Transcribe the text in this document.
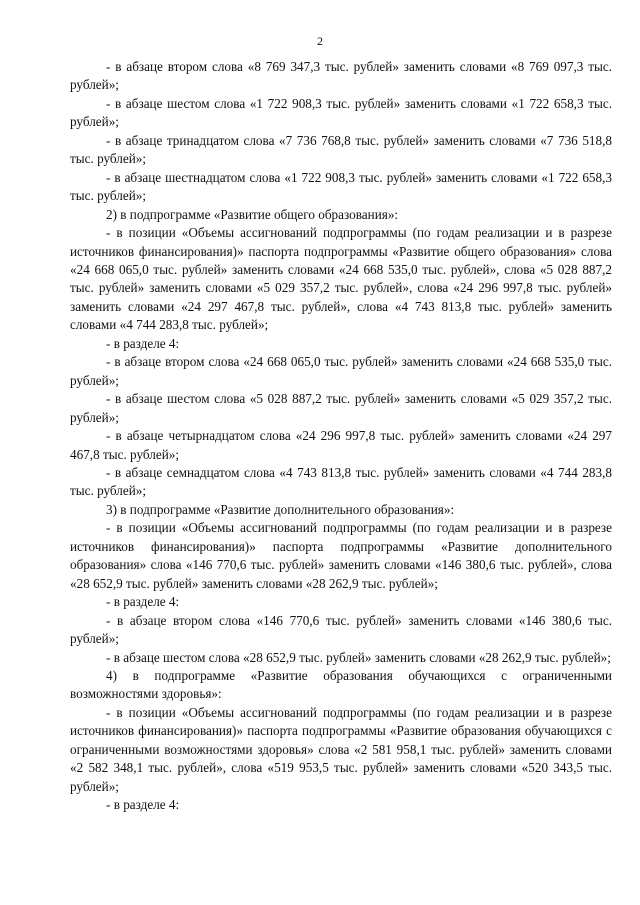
2

- в абзаце втором слова «8 769 347,3 тыс. рублей» заменить словами «8 769 097,3 тыс. рублей»;

- в абзаце шестом слова «1 722 908,3 тыс. рублей» заменить словами «1 722 658,3 тыс. рублей»;

- в абзаце тринадцатом слова «7 736 768,8 тыс. рублей» заменить словами «7 736 518,8 тыс. рублей»;

- в абзаце шестнадцатом слова «1 722 908,3 тыс. рублей» заменить словами «1 722 658,3 тыс. рублей»;

2) в подпрограмме «Развитие общего образования»:

- в позиции «Объемы ассигнований подпрограммы (по годам реализации и в разрезе источников финансирования)» паспорта подпрограммы «Развитие общего образования» слова «24 668 065,0 тыс. рублей» заменить словами «24 668 535,0 тыс. рублей», слова «5 028 887,2 тыс. рублей» заменить словами «5 029 357,2 тыс. рублей», слова «24 296 997,8 тыс. рублей» заменить словами «24 297 467,8 тыс. рублей», слова «4 743 813,8 тыс. рублей» заменить словами «4 744 283,8 тыс. рублей»;

- в разделе 4:

- в абзаце втором слова «24 668 065,0 тыс. рублей» заменить словами «24 668 535,0 тыс. рублей»;

- в абзаце шестом слова «5 028 887,2 тыс. рублей» заменить словами «5 029 357,2 тыс. рублей»;

- в абзаце четырнадцатом слова «24 296 997,8 тыс. рублей» заменить словами «24 297 467,8 тыс. рублей»;

- в абзаце семнадцатом слова «4 743 813,8 тыс. рублей» заменить словами «4 744 283,8 тыс. рублей»;

3) в подпрограмме «Развитие дополнительного образования»:

- в позиции «Объемы ассигнований подпрограммы (по годам реализации и в разрезе источников финансирования)» паспорта подпрограммы «Развитие дополнительного образования» слова «146 770,6 тыс. рублей» заменить словами «146 380,6 тыс. рублей», слова «28 652,9 тыс. рублей» заменить словами «28 262,9 тыс. рублей»;

- в разделе 4:

- в абзаце втором слова «146 770,6 тыс. рублей» заменить словами «146 380,6 тыс. рублей»;

- в абзаце шестом слова «28 652,9 тыс. рублей» заменить словами «28 262,9 тыс. рублей»;

4) в подпрограмме «Развитие образования обучающихся с ограниченными возможностями здоровья»:

- в позиции «Объемы ассигнований подпрограммы (по годам реализации и в разрезе источников финансирования)» паспорта подпрограммы «Развитие образования обучающихся с ограниченными возможностями здоровья» слова «2 581 958,1 тыс. рублей» заменить словами «2 582 348,1 тыс. рублей», слова «519 953,5 тыс. рублей» заменить словами «520 343,5 тыс. рублей»;

- в разделе 4:
